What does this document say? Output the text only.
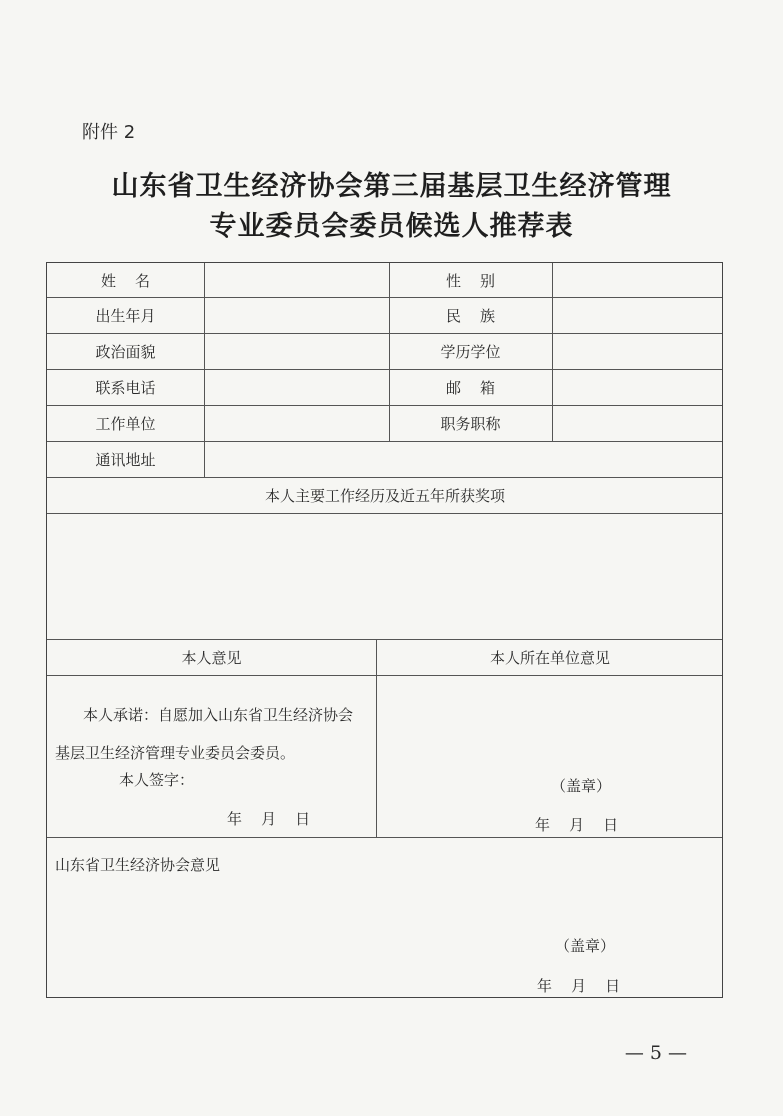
附件 2
山东省卫生经济协会第三届基层卫生经济管理
专业委员会委员候选人推荐表
姓    名	性    别
出生年月	民    族
政治面貌	学历学位
联系电话	邮    箱
工作单位	职务职称
通讯地址
本人主要工作经历及近五年所获奖项
本人意见	本人所在单位意见
本人承诺：自愿加入山东省卫生经济协会
基层卫生经济管理专业委员会委员。
本人签字：
年    月    日
（盖章）
年    月    日
山东省卫生经济协会意见
（盖章）
年    月    日
— 5 —
